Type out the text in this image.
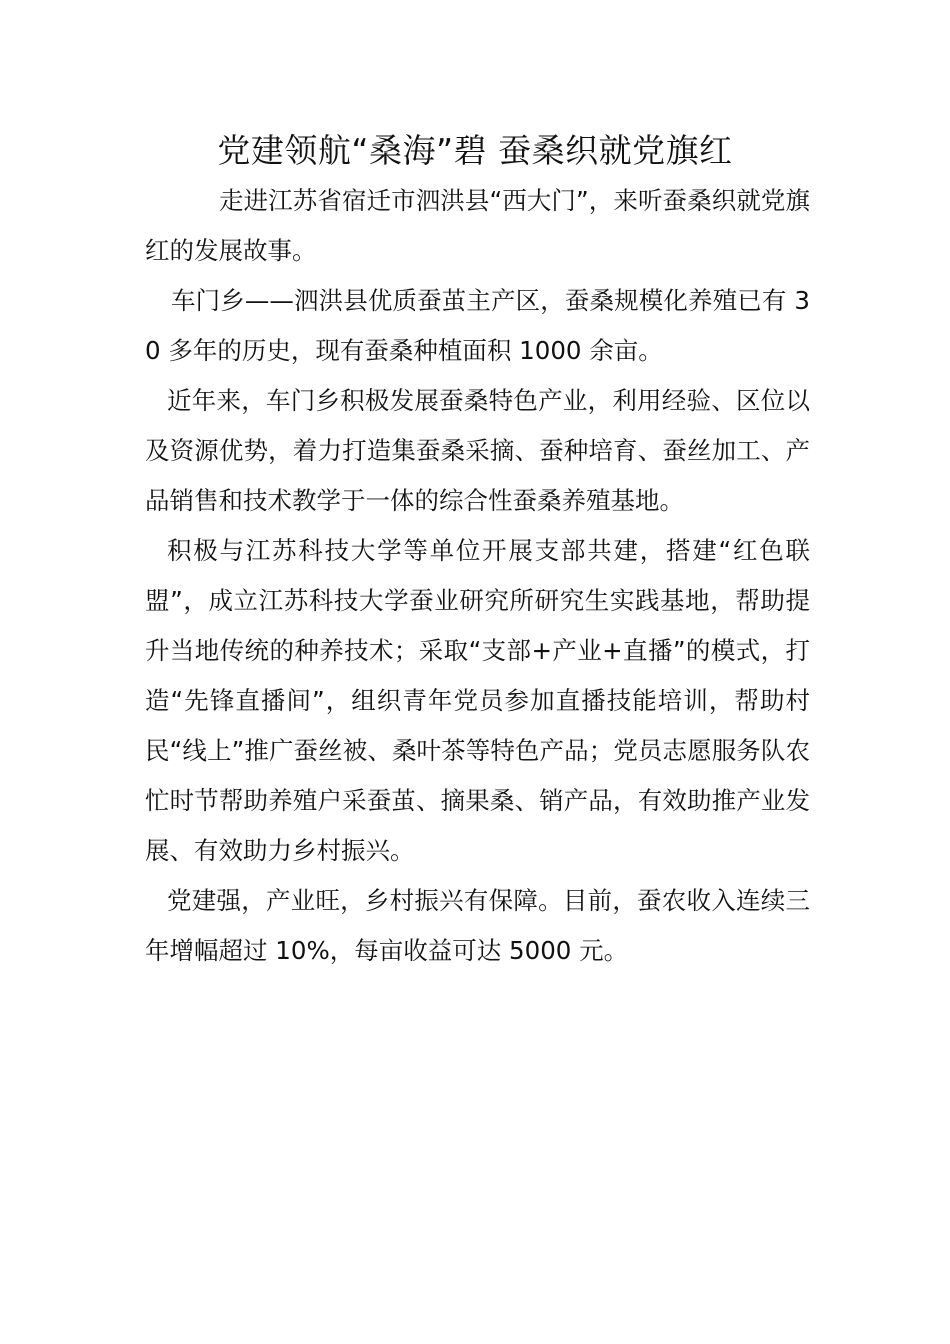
党建领航“桑海”碧 蚕桑织就党旗红

走进江苏省宿迁市泗洪县“西大门”，来听蚕桑织就党旗红的发展故事。

车门乡——泗洪县优质蚕茧主产区，蚕桑规模化养殖已有 30 多年的历史，现有蚕桑种植面积 1000 余亩。

近年来，车门乡积极发展蚕桑特色产业，利用经验、区位以及资源优势，着力打造集蚕桑采摘、蚕种培育、蚕丝加工、产品销售和技术教学于一体的综合性蚕桑养殖基地。

积极与江苏科技大学等单位开展支部共建，搭建“红色联盟”，成立江苏科技大学蚕业研究所研究生实践基地，帮助提升当地传统的种养技术；采取“支部+产业+直播”的模式，打造“先锋直播间”，组织青年党员参加直播技能培训，帮助村民“线上”推广蚕丝被、桑叶茶等特色产品；党员志愿服务队农忙时节帮助养殖户采蚕茧、摘果桑、销产品，有效助推产业发展、有效助力乡村振兴。

党建强，产业旺，乡村振兴有保障。目前，蚕农收入连续三年增幅超过 10%，每亩收益可达 5000 元。
